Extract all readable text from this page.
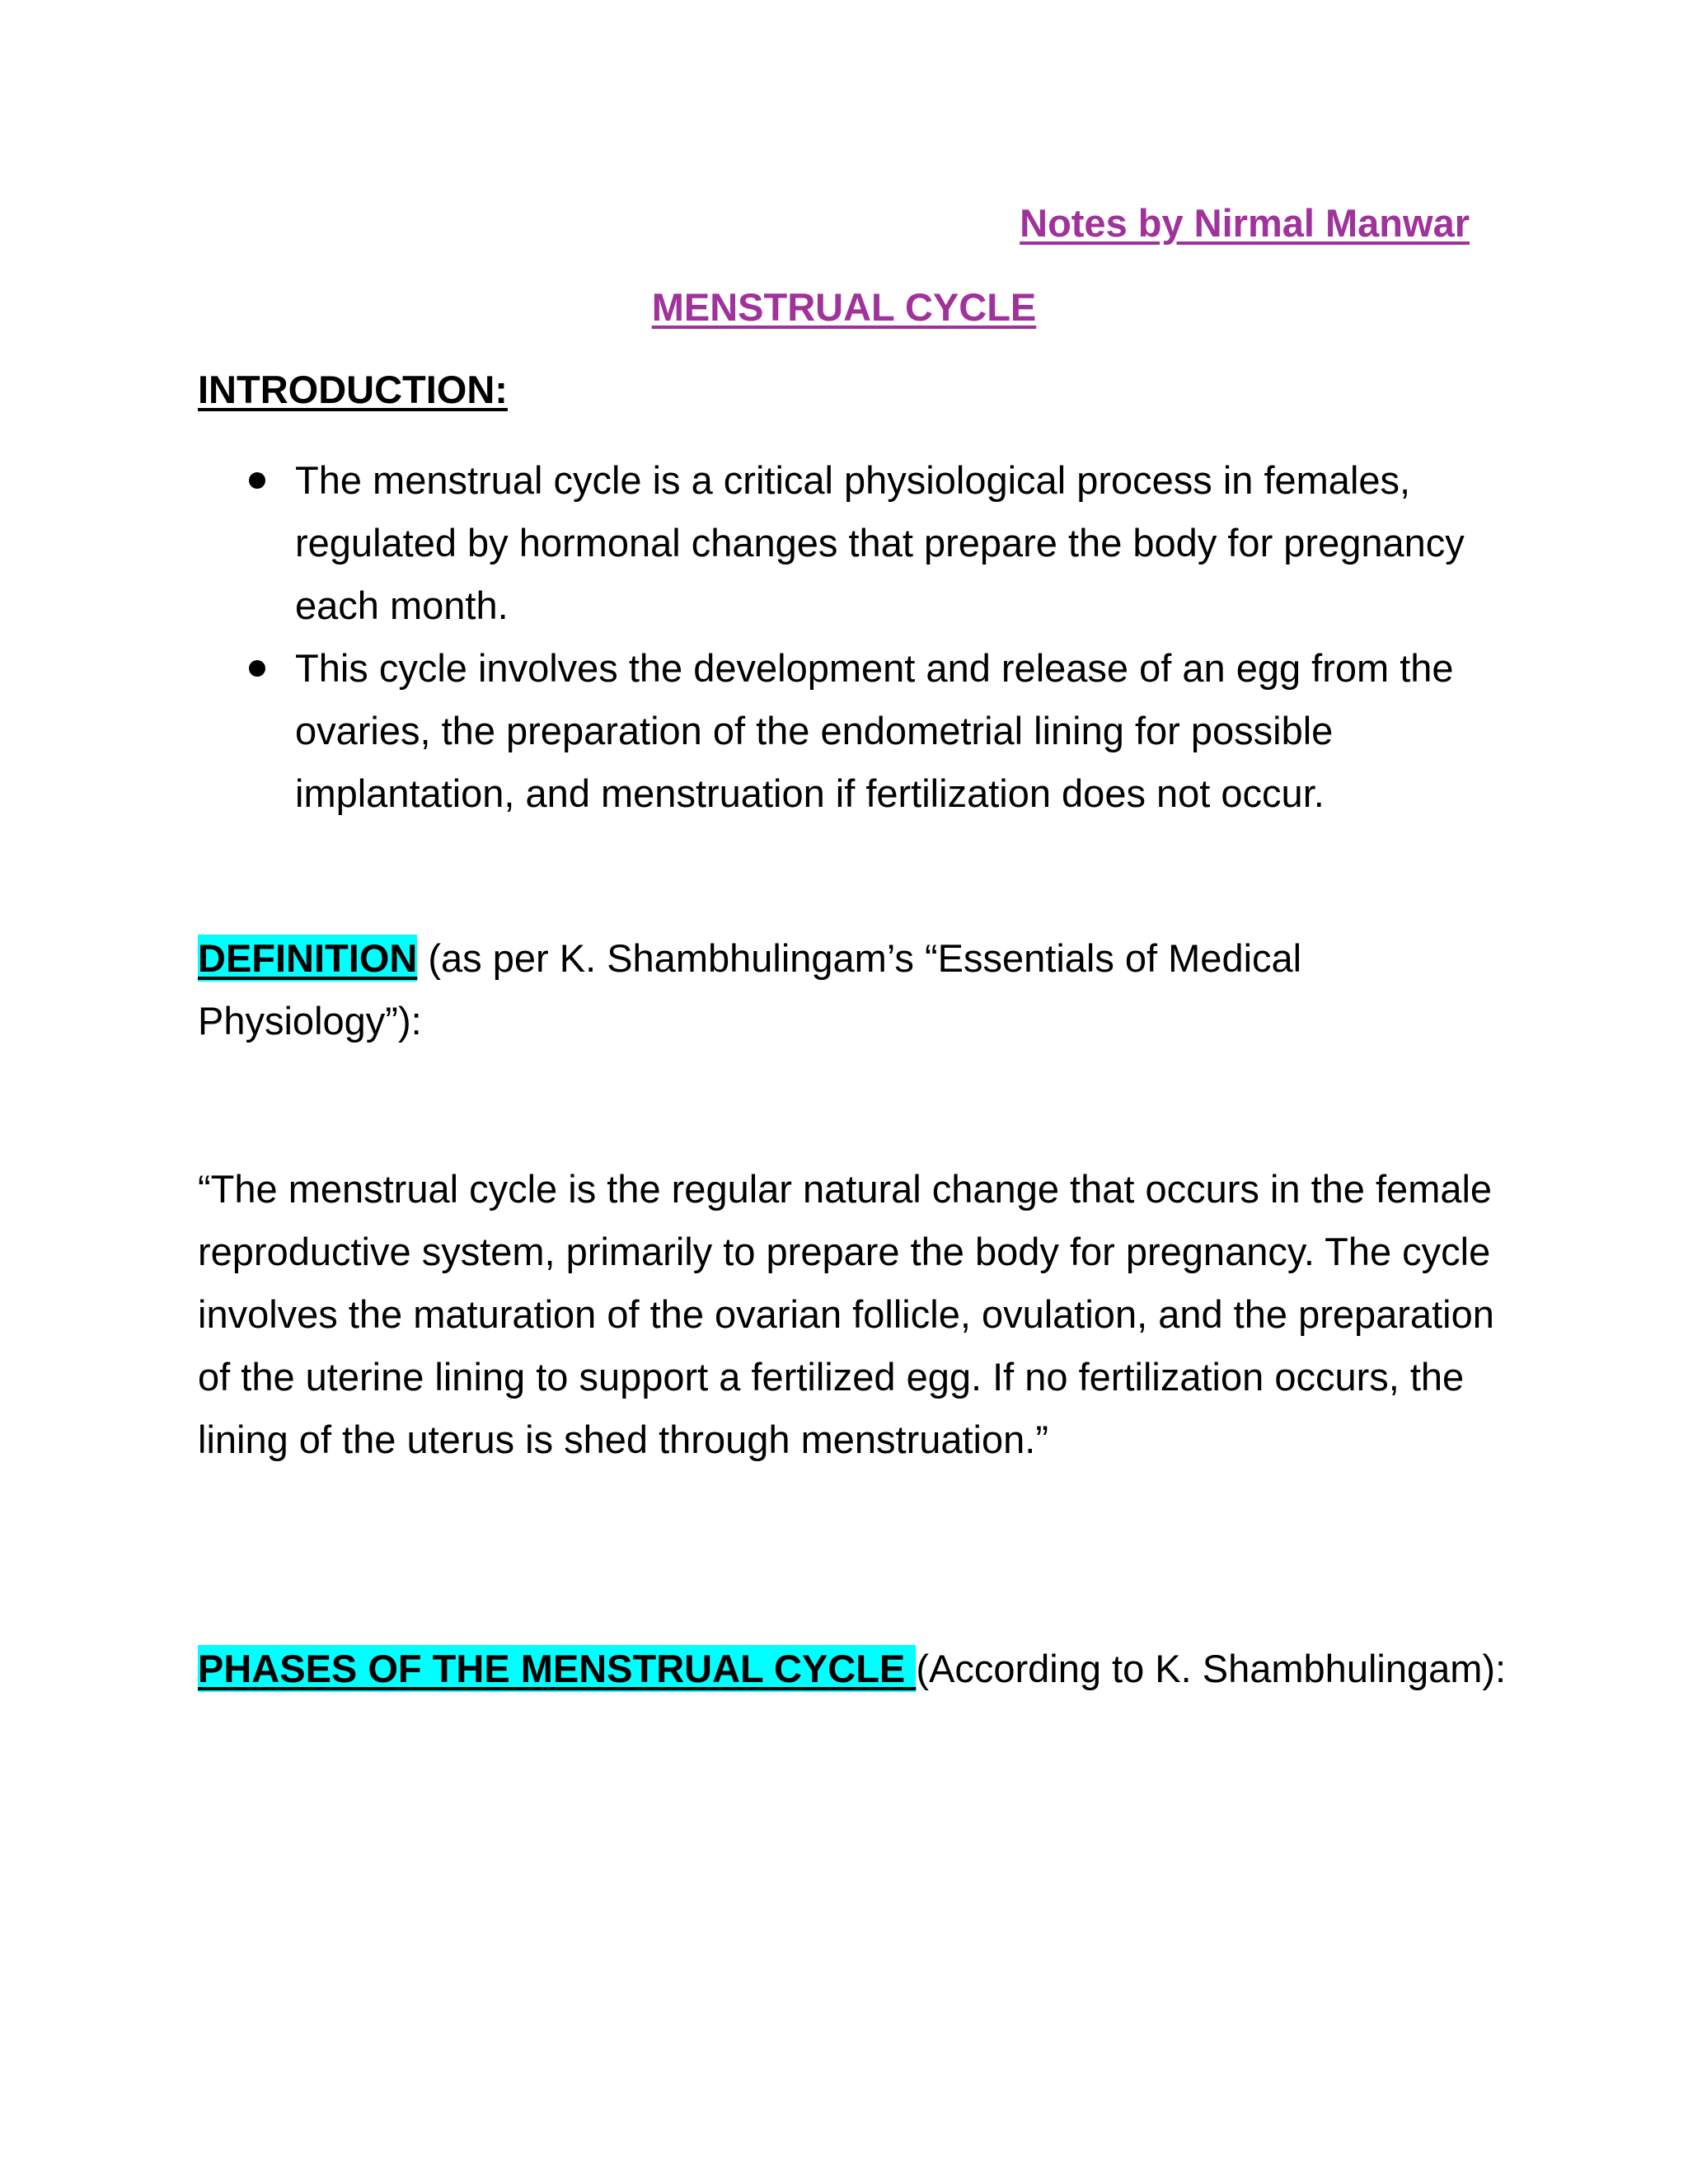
Notes by Nirmal Manwar
MENSTRUAL CYCLE
INTRODUCTION:
The menstrual cycle is a critical physiological process in females, regulated by hormonal changes that prepare the body for pregnancy each month.
This cycle involves the development and release of an egg from the ovaries, the preparation of the endometrial lining for possible implantation, and menstruation if fertilization does not occur.

DEFINITION (as per K. Shambhulingam’s “Essentials of Medical Physiology”):

“The menstrual cycle is the regular natural change that occurs in the female reproductive system, primarily to prepare the body for pregnancy. The cycle involves the maturation of the ovarian follicle, ovulation, and the preparation of the uterine lining to support a fertilized egg. If no fertilization occurs, the lining of the uterus is shed through menstruation.”

PHASES OF THE MENSTRUAL CYCLE (According to K. Shambhulingam):
